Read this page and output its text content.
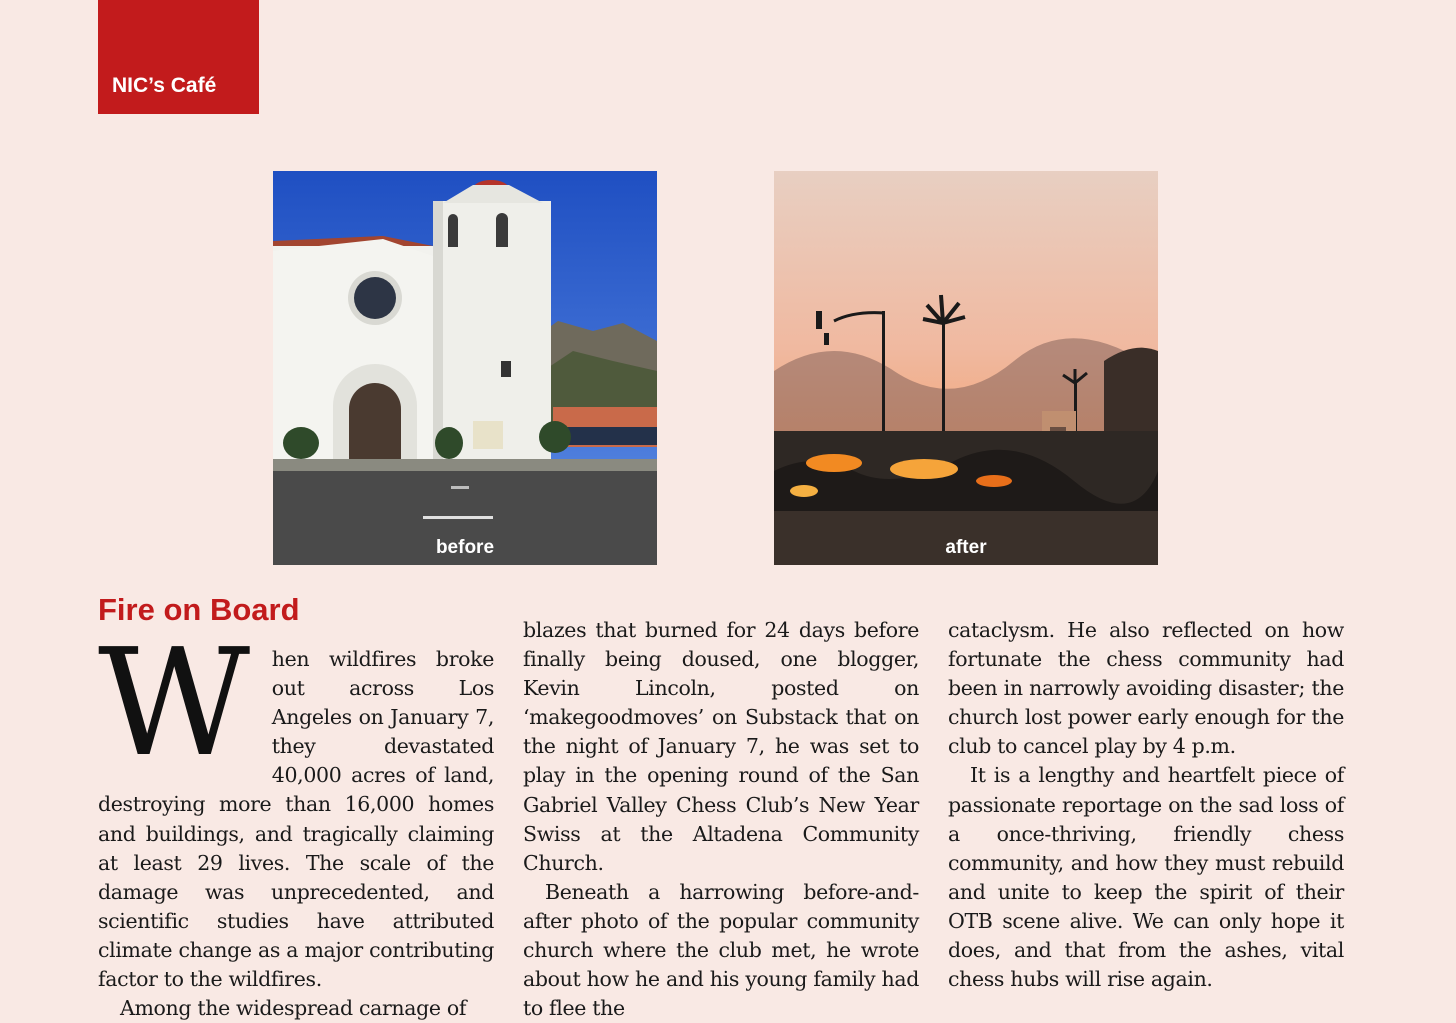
NIC’s Café
before	after
Fire on Board

W hen wildfires broke out across Los Angeles on January 7, they devastated 40,000 acres of land, destroying more than 16,000 homes and buildings, and tragically claiming at least 29 lives. The scale of the damage was unprecedented, and scientific studies have attributed climate change as a major contributing factor to the wildfires.

Among the widespread carnage of

blazes that burned for 24 days before finally being doused, one blogger, Kevin Lincoln, posted on ‘makegoodmoves’ on Substack that on the night of January 7, he was set to play in the opening round of the San Gabriel Valley Chess Club’s New Year Swiss at the Altadena Community Church.

Beneath a harrowing before-and-after photo of the popular community church where the club met, he wrote about how he and his young family had to flee the

cataclysm. He also reflected on how fortunate the chess community had been in narrowly avoiding disaster; the church lost power early enough for the club to cancel play by 4 p.m.

It is a lengthy and heartfelt piece of passionate reportage on the sad loss of a once-thriving, friendly chess community, and how they must rebuild and unite to keep the spirit of their OTB scene alive. We can only hope it does, and that from the ashes, vital chess hubs will rise again.
